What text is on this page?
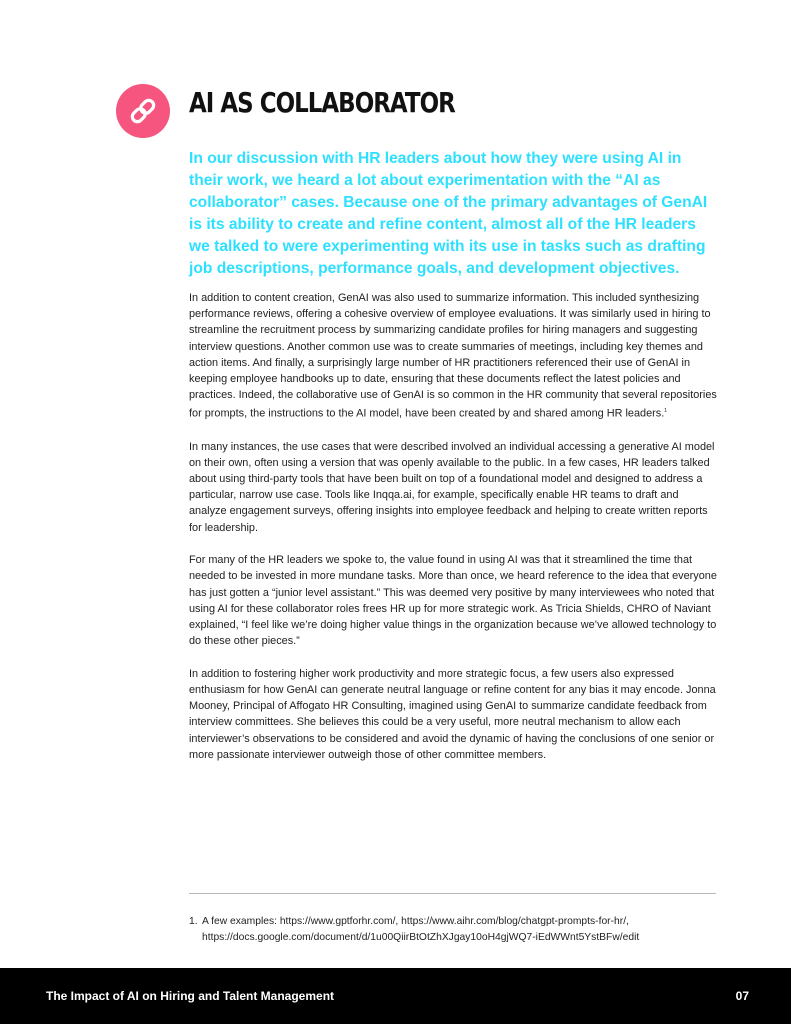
AI AS COLLABORATOR

In our discussion with HR leaders about how they were using AI in their work, we heard a lot about experimentation with the “AI as collaborator” cases. Because one of the primary advantages of GenAI is its ability to create and refine content, almost all of the HR leaders we talked to were experimenting with its use in tasks such as drafting job descriptions, performance goals, and development objectives.

In addition to content creation, GenAI was also used to summarize information. This included synthesizing performance reviews, offering a cohesive overview of employee evaluations. It was similarly used in hiring to streamline the recruitment process by summarizing candidate profiles for hiring managers and suggesting interview questions. Another common use was to create summaries of meetings, including key themes and action items. And finally, a surprisingly large number of HR practitioners referenced their use of GenAI in keeping employee handbooks up to date, ensuring that these documents reflect the latest policies and practices. Indeed, the collaborative use of GenAI is so common in the HR community that several repositories for prompts, the instructions to the AI model, have been created by and shared among HR leaders.$^1$

In many instances, the use cases that were described involved an individual accessing a generative AI model on their own, often using a version that was openly available to the public. In a few cases, HR leaders talked about using third-party tools that have been built on top of a foundational model and designed to address a particular, narrow use case. Tools like Inqqa.ai, for example, specifically enable HR teams to draft and analyze engagement surveys, offering insights into employee feedback and helping to create written reports for leadership.

For many of the HR leaders we spoke to, the value found in using AI was that it streamlined the time that needed to be invested in more mundane tasks. More than once, we heard reference to the idea that everyone has just gotten a “junior level assistant.” This was deemed very positive by many interviewees who noted that using AI for these collaborator roles frees HR up for more strategic work. As Tricia Shields, CHRO of Naviant explained, “I feel like we’re doing higher value things in the organization because we’ve allowed technology to do these other pieces.”

In addition to fostering higher work productivity and more strategic focus, a few users also expressed enthusiasm for how GenAI can generate neutral language or refine content for any bias it may encode. Jonna Mooney, Principal of Affogato HR Consulting, imagined using GenAI to summarize candidate feedback from interview committees. She believes this could be a very useful, more neutral mechanism to allow each interviewer’s observations to be considered and avoid the dynamic of having the conclusions of one senior or more passionate interviewer outweigh those of other committee members.

1. A few examples: https://www.gptforhr.com/, https://www.aihr.com/blog/chatgpt-prompts-for-hr/, https://docs.google.com/document/d/1u00QiirBtOtZhXJgay10oH4gjWQ7-iEdWWnt5YstBFw/edit
The Impact of AI on Hiring and Talent Management	07
